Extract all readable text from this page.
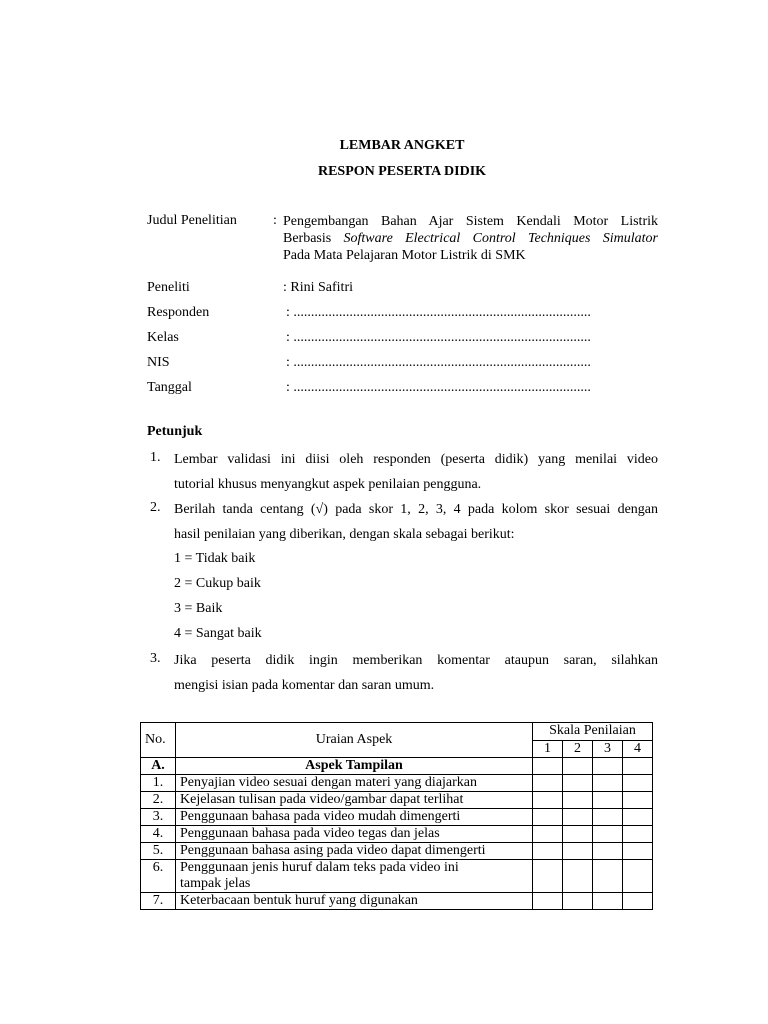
LEMBAR ANGKET
RESPON PESERTA DIDIK
Judul Penelitian	: Pengembangan Bahan Ajar Sistem Kendali Motor Listrik
Berbasis Software Electrical Control Techniques Simulator
Pada Mata Pelajaran Motor Listrik di SMK
Peneliti	: Rini Safitri
Responden	: .....................................................................................
Kelas	: .....................................................................................
NIS	: .....................................................................................
Tanggal	: .....................................................................................
Petunjuk
1. Lembar validasi ini diisi oleh responden (peserta didik) yang menilai video
tutorial khusus menyangkut aspek penilaian pengguna.
2. Berilah tanda centang (√) pada skor 1, 2, 3, 4 pada kolom skor sesuai dengan
hasil penilaian yang diberikan, dengan skala sebagai berikut:
1 = Tidak baik
2 = Cukup baik
3 = Baik
4 = Sangat baik
3. Jika peserta didik ingin memberikan komentar ataupun saran, silahkan
mengisi isian pada komentar dan saran umum.
No.	Uraian Aspek	Skala Penilaian			
		1	2	3	4
A.	Aspek Tampilan				
1.	Penyajian video sesuai dengan materi yang diajarkan				
2.	Kejelasan tulisan pada video/gambar dapat terlihat				
3.	Penggunaan bahasa pada video mudah dimengerti				
4.	Penggunaan bahasa pada video tegas dan jelas				
5.	Penggunaan bahasa asing pada video dapat dimengerti				
6.	Penggunaan jenis huruf dalam teks pada video ini
tampak jelas				
7.	Keterbacaan bentuk huruf yang digunakan				
